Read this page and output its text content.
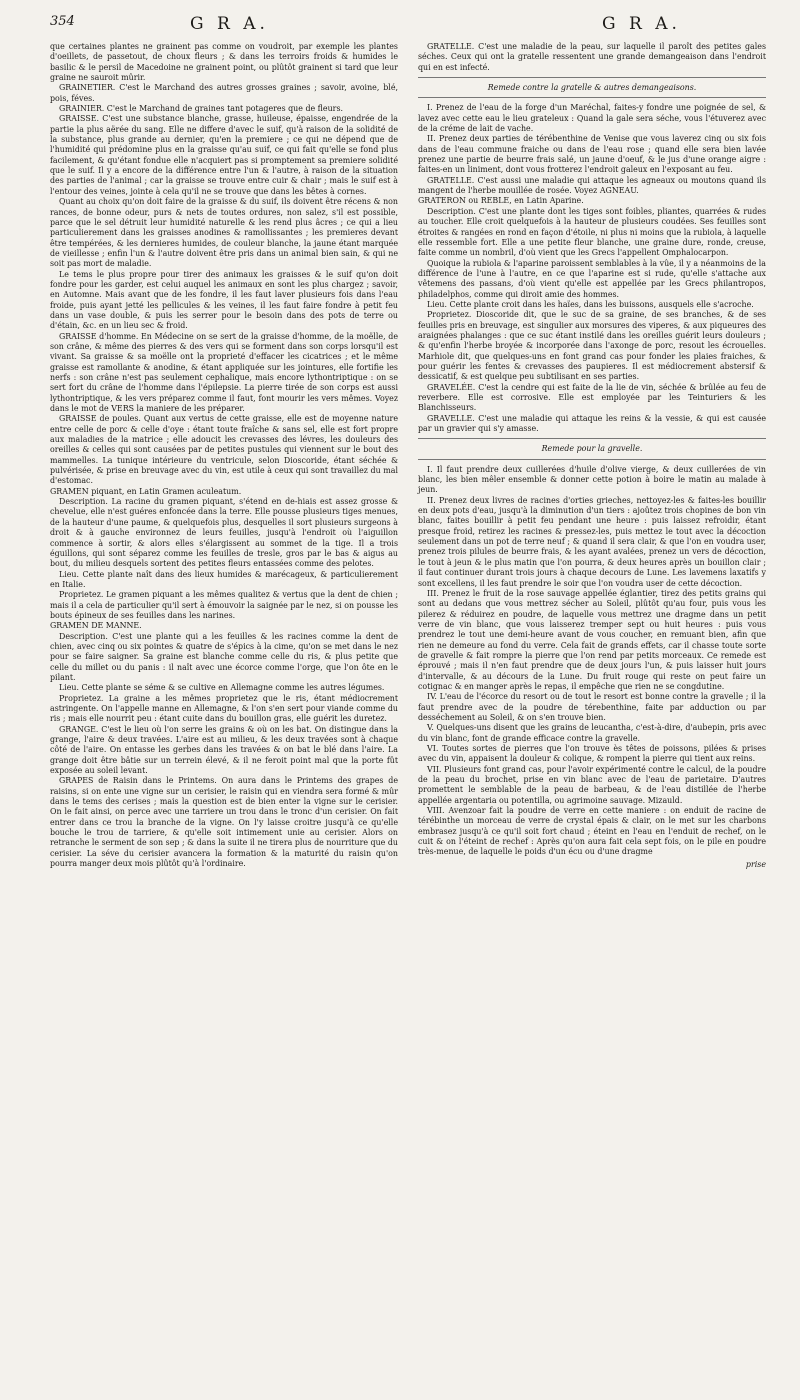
354	G R A.	G R A.

que certaines plantes ne grainent pas comme on voudroit, par exemple les plantes d'oeillets, de passetout, de choux fleurs ; & dans les terroirs froids & humides le basilic & le persil de Macedoine ne grainent point, ou plûtôt grainent si tard que leur graine ne sauroit mûrir.

GRAINETIER. C'est le Marchand des autres grosses graines ; savoir, avoine, blé, pois, féves.

GRAINIER. C'est le Marchand de graines tant potageres que de fleurs.

GRAISSE. C'est une substance blanche, grasse, huileuse, épaisse, engendrée de la partie la plus aërée du sang. Elle ne differe d'avec le suif, qu'à raison de la solidité de la substance, plus grande au dernier, qu'en la premiere ; ce qui ne dépend que de l'humidité qui prédomine plus en la graisse qu'au suif, ce qui fait qu'elle se fond plus facilement, & qu'étant fondue elle n'acquiert pas si promptement sa premiere solidité que le suif. Il y a encore de la différence entre l'un & l'autre, à raison de la situation des parties de l'animal ; car la graisse se trouve entre cuir & chair ; mais le suif est à l'entour des veines, jointe à cela qu'il ne se trouve que dans les bêtes à cornes.

Quant au choix qu'on doit faire de la graisse & du suif, ils doivent être récens & non rances, de bonne odeur, purs & nets de toutes ordures, non salez, s'il est possible, parce que le sel détruit leur humidité naturelle & les rend plus âcres ; ce qui a lieu particulierement dans les graisses anodines & ramollissantes ; les premieres devant être tempérées, & les dernieres humides, de couleur blanche, la jaune étant marquée de vieillesse ; enfin l'un & l'autre doivent être pris dans un animal bien sain, & qui ne soit pas mort de maladie.

Le tems le plus propre pour tirer des animaux les graisses & le suif qu'on doit fondre pour les garder, est celui auquel les animaux en sont les plus chargez ; savoir, en Automne. Mais avant que de les fondre, il les faut laver plusieurs fois dans l'eau froide, puis ayant jetté les pellicules & les veines, il les faut faire fondre à petit feu dans un vase double, & puis les serrer pour le besoin dans des pots de terre ou d'étain, &c. en un lieu sec & froid.

GRAISSE d'homme. En Médecine on se sert de la graisse d'homme, de la moëlle, de son crâne, & même des pierres & des vers qui se forment dans son corps lorsqu'il est vivant. Sa graisse & sa moëlle ont la proprieté d'effacer les cicatrices ; et le même graisse est ramollante & anodine, & étant appliquée sur les jointures, elle fortifie les nerfs : son crâne n'est pas seulement cephalique, mais encore lythontriptique : on se sert fort du crâne de l'homme dans l'épilepsie. La pierre tirée de son corps est aussi lythontriptique, & les vers préparez comme il faut, font mourir les vers mêmes. Voyez dans le mot de VERS la maniere de les préparer.

GRAISSE de poules. Quant aux vertus de cette graisse, elle est de moyenne nature entre celle de porc & celle d'oye : étant toute fraîche & sans sel, elle est fort propre aux maladies de la matrice ; elle adoucit les crevasses des lévres, les douleurs des oreilles & celles qui sont causées par de petites pustules qui viennent sur le bout des mammelles. La tunique intérieure du ventricule, selon Dioscoride, étant séchée & pulvérisée, & prise en breuvage avec du vin, est utile à ceux qui sont travaillez du mal d'estomac.

GRAMEN piquant, en Latin Gramen aculeatum.

Description. La racine du gramen piquant, s'étend en de-hiais est assez grosse & chevelue, elle n'est guéres enfoncée dans la terre. Elle pousse plusieurs tiges menues, de la hauteur d'une paume, & quelquefois plus, desquelles il sort plusieurs surgeons à droit & à gauche environnez de leurs feuilles, jusqu'à l'endroit où l'aiguillon commence à sortir, & alors elles s'élargissent au sommet de la tige. Il a trois éguillons, qui sont séparez comme les feuilles de tresle, gros par le bas & aigus au bout, du milieu desquels sortent des petites fleurs entassées comme des pelotes.

Lieu. Cette plante naît dans des lieux humides & marécageux, & particulierement en Italie.

Proprietez. Le gramen piquant a les mêmes qualitez & vertus que la dent de chien ; mais il a cela de particulier qu'il sert à émouvoir la saignée par le nez, si on pousse les bouts épineux de ses feuilles dans les narines.

GRAMEN DE MANNE.

Description. C'est une plante qui a les feuilles & les racines comme la dent de chien, avec cinq ou six pointes & quatre de s'épics à la cime, qu'on se met dans le nez pour se faire saigner. Sa graine est blanche comme celle du ris, & plus petite que celle du millet ou du panis : il naît avec une écorce comme l'orge, que l'on ôte en le pilant.

Lieu. Cette plante se séme & se cultive en Allemagne comme les autres légumes.

Proprietez. La graine a les mêmes proprietez que le ris, étant médiocrement astringente. On l'appelle manne en Allemagne, & l'on s'en sert pour viande comme du ris ; mais elle nourrit peu : étant cuite dans du bouillon gras, elle guérit les duretez.

GRANGE. C'est le lieu où l'on serre les grains & où on les bat. On distingue dans la grange, l'aire & deux travées. L'aire est au milieu, & les deux travées sont à chaque côté de l'aire. On entasse les gerbes dans les travées & on bat le blé dans l'aire. La grange doit être bâtie sur un terrein élevé, & il ne feroit point mal que la porte fût exposée au soleil levant.

GRAPES de Raisin dans le Printems. On aura dans le Printems des grapes de raisins, si on ente une vigne sur un cerisier, le raisin qui en viendra sera formé & mûr dans le tems des cerises ; mais la question est de bien enter la vigne sur le cerisier. On le fait ainsi, on perce avec une tarriere un trou dans le tronc d'un cerisier. On fait entrer dans ce trou la branche de la vigne. On l'y laisse croitre jusqu'à ce qu'elle bouche le trou de tarriere, & qu'elle soit intimement unie au cerisier. Alors on retranche le serment de son sep ; & dans la suite il ne tirera plus de nourriture que du cerisier. La séve du cerisier avancera la formation & la maturité du raisin qu'on pourra manger deux mois plûtôt qu'à l'ordinaire.

GRATELLE. C'est une maladie de la peau, sur laquelle il paroît des petites gales séches. Ceux qui ont la gratelle ressentent une grande demangeaison dans l'endroit qui en est infecté.

Remede contre la gratelle & autres demangeaisons.

I. Prenez de l'eau de la forge d'un Maréchal, faites-y fondre une poignée de sel, & lavez avec cette eau le lieu grateleux : Quand la gale sera séche, vous l'étuverez avec de la créme de lait de vache.

II. Prenez deux parties de térébenthine de Venise que vous laverez cinq ou six fois dans de l'eau commune fraiche ou dans de l'eau rose ; quand elle sera bien lavée prenez une partie de beurre frais salé, un jaune d'oeuf, & le jus d'une orange aigre : faites-en un liniment, dont vous frotterez l'endroit galeux en l'exposant au feu.

GRATELLE. C'est aussi une maladie qui attaque les agneaux ou moutons quand ils mangent de l'herbe mouillée de rosée. Voyez AGNEAU.

GRATERON ou REBLE, en Latin Aparine.

Description. C'est une plante dont les tiges sont foibles, pliantes, quarrées & rudes au toucher. Elle croit quelquefois à la hauteur de plusieurs coudées. Ses feuilles sont étroites & rangées en rond en façon d'étoile, ni plus ni moins que la rubiola, à laquelle elle ressemble fort. Elle a une petite fleur blanche, une graine dure, ronde, creuse, faite comme un nombril, d'où vient que les Grecs l'appellent Omphalocarpon.

Quoique la rubiola & l'aparine paroissent semblables à la vûe, il y a néanmoins de la différence de l'une à l'autre, en ce que l'aparine est si rude, qu'elle s'attache aux vêtemens des passans, d'où vient qu'elle est appellée par les Grecs philantropos, philadelphos, comme qui diroit amie des hommes.

Lieu. Cette plante croit dans les haïes, dans les buissons, ausquels elle s'acroche.

Proprietez. Dioscoride dit, que le suc de sa graine, de ses branches, & de ses feuilles pris en breuvage, est singulier aux morsures des viperes, & aux piqueures des araignées phalanges : que ce suc étant instilé dans les oreilles guérit leurs douleurs ; & qu'enfin l'herbe broyée & incorporée dans l'axonge de porc, resout les écrouelles. Marhiole dit, que quelques-uns en font grand cas pour fonder les plaies fraiches, & pour guérir les fentes & crevasses des paupieres. Il est médiocrement abstersif & dessicatif, & est quelque peu subtilisant en ses parties.

GRAVELÉE. C'est la cendre qui est faite de la lie de vin, séchée & brûlée au feu de reverbere. Elle est corrosive. Elle est employée par les Teinturiers & les Blanchisseurs.

GRAVELLE. C'est une maladie qui attaque les reins & la vessie, & qui est causée par un gravier qui s'y amasse.

Remede pour la gravelle.

I. Il faut prendre deux cuillerées d'huile d'olive vierge, & deux cuillerées de vin blanc, les bien mêler ensemble & donner cette potion à boire le matin au malade à jeun.

II. Prenez deux livres de racines d'orties grieches, nettoyez-les & faites-les bouillir en deux pots d'eau, jusqu'à la diminution d'un tiers : ajoûtez trois chopines de bon vin blanc, faites bouillir à petit feu pendant une heure : puis laissez refroidir, étant presque froid, retirez les racines & pressez-les, puis mettez le tout avec la décoction seulement dans un pot de terre neuf ; & quand il sera clair, & que l'on en voudra user, prenez trois pilules de beurre frais, & les ayant avalées, prenez un vers de décoction, le tout à jeun & le plus matin que l'on pourra, & deux heures après un bouillon clair ; il faut continuer durant trois jours à chaque decours de Lune. Les lavemens laxatifs y sont excellens, il les faut prendre le soir que l'on voudra user de cette décoction.

III. Prenez le fruit de la rose sauvage appellée églantier, tirez des petits grains qui sont au dedans que vous mettrez sécher au Soleil, plûtôt qu'au four, puis vous les pilerez & réduirez en poudre, de laquelle vous mettrez une dragme dans un petit verre de vin blanc, que vous laisserez tremper sept ou huit heures : puis vous prendrez le tout une demi-heure avant de vous coucher, en remuant bien, afin que rien ne demeure au fond du verre. Cela fait de grands effets, car il chasse toute sorte de gravelle & fait rompre la pierre que l'on rend par petits morceaux. Ce remede est éprouvé ; mais il n'en faut prendre que de deux jours l'un, & puis laisser huit jours d'intervalle, & au décours de la Lune. Du fruit rouge qui reste on peut faire un cotignac & en manger après le repas, il empêche que rien ne se congdutine.

IV. L'eau de l'écorce du resort ou de tout le resort est bonne contre la gravelle ; il la faut prendre avec de la poudre de térebenthine, faite par adduction ou par desséchement au Soleil, & on s'en trouve bien.

V. Quelques-uns disent que les grains de leucantha, c'est-à-dire, d'aubepin, pris avec du vin blanc, font de grande efficace contre la gravelle.

VI. Toutes sortes de pierres que l'on trouve ès têtes de poissons, pilées & prises avec du vin, appaisent la douleur & colique, & rompent la pierre qui tient aux reins.

VII. Plusieurs font grand cas, pour l'avoir expérimenté contre le calcul, de la poudre de la peau du brochet, prise en vin blanc avec de l'eau de parietaire. D'autres promettent le semblable de la peau de barbeau, & de l'eau distillée de l'herbe appellée argentaria ou potentilla, ou agrimoine sauvage. Mizauld.

VIII. Avenzoar fait la poudre de verre en cette maniere : on enduit de racine de térébinthe un morceau de verre de crystal épais & clair, on le met sur les charbons embrasez jusqu'à ce qu'il soit fort chaud ; éteint en l'eau en l'enduit de rechef, on le cuit & on l'éteint de rechef : Après qu'on aura fait cela sept fois, on le pile en poudre très-menue, de laquelle le poids d'un écu ou d'une dragme

prise
